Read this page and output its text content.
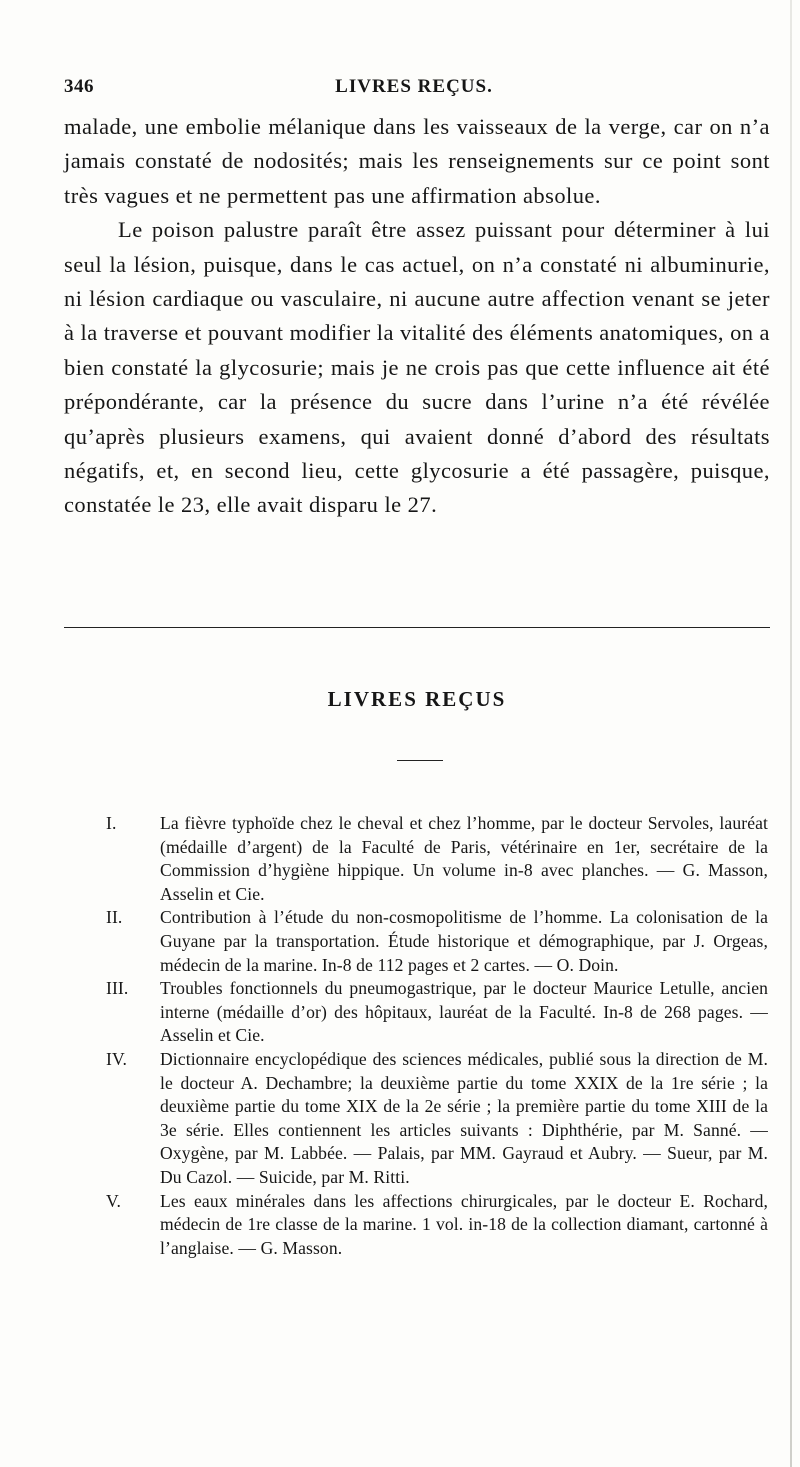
346	LIVRES REÇUS.

malade, une embolie mélanique dans les vaisseaux de la verge, car on n’a jamais constaté de nodosités; mais les renseignements sur ce point sont très vagues et ne permettent pas une affirmation absolue.

Le poison palustre paraît être assez puissant pour déterminer à lui seul la lésion, puisque, dans le cas actuel, on n’a constaté ni albuminurie, ni lésion cardiaque ou vasculaire, ni aucune autre affection venant se jeter à la traverse et pouvant modifier la vitalité des éléments anatomiques, on a bien constaté la glycosurie; mais je ne crois pas que cette influence ait été prépondérante, car la présence du sucre dans l’urine n’a été révélée qu’après plusieurs examens, qui avaient donné d’abord des résultats négatifs, et, en second lieu, cette glycosurie a été passagère, puisque, constatée le 23, elle avait disparu le 27.

LIVRES REÇUS
I.	La fièvre typhoïde chez le cheval et chez l’homme, par le docteur Servoles, lauréat (médaille d’argent) de la Faculté de Paris, vétérinaire en 1er, secrétaire de la Commission d’hygiène hippique. Un volume in-8 avec planches. — G. Masson, Asselin et Cie.
II.	Contribution à l’étude du non-cosmopolitisme de l’homme. La colonisation de la Guyane par la transportation. Étude historique et démographique, par J. Orgeas, médecin de la marine. In-8 de 112 pages et 2 cartes. — O. Doin.
III.	Troubles fonctionnels du pneumogastrique, par le docteur Maurice Letulle, ancien interne (médaille d’or) des hôpitaux, lauréat de la Faculté. In-8 de 268 pages. — Asselin et Cie.
IV.	Dictionnaire encyclopédique des sciences médicales, publié sous la direction de M. le docteur A. Dechambre; la deuxième partie du tome XXIX de la 1re série ; la deuxième partie du tome XIX de la 2e série ; la première partie du tome XIII de la 3e série. Elles contiennent les articles suivants : Diphthérie, par M. Sanné. — Oxygène, par M. Labbée. — Palais, par MM. Gayraud et Aubry. — Sueur, par M. Du Cazol. — Suicide, par M. Ritti.
V.	Les eaux minérales dans les affections chirurgicales, par le docteur E. Rochard, médecin de 1re classe de la marine. 1 vol. in-18 de la collection diamant, cartonné à l’anglaise. — G. Masson.
